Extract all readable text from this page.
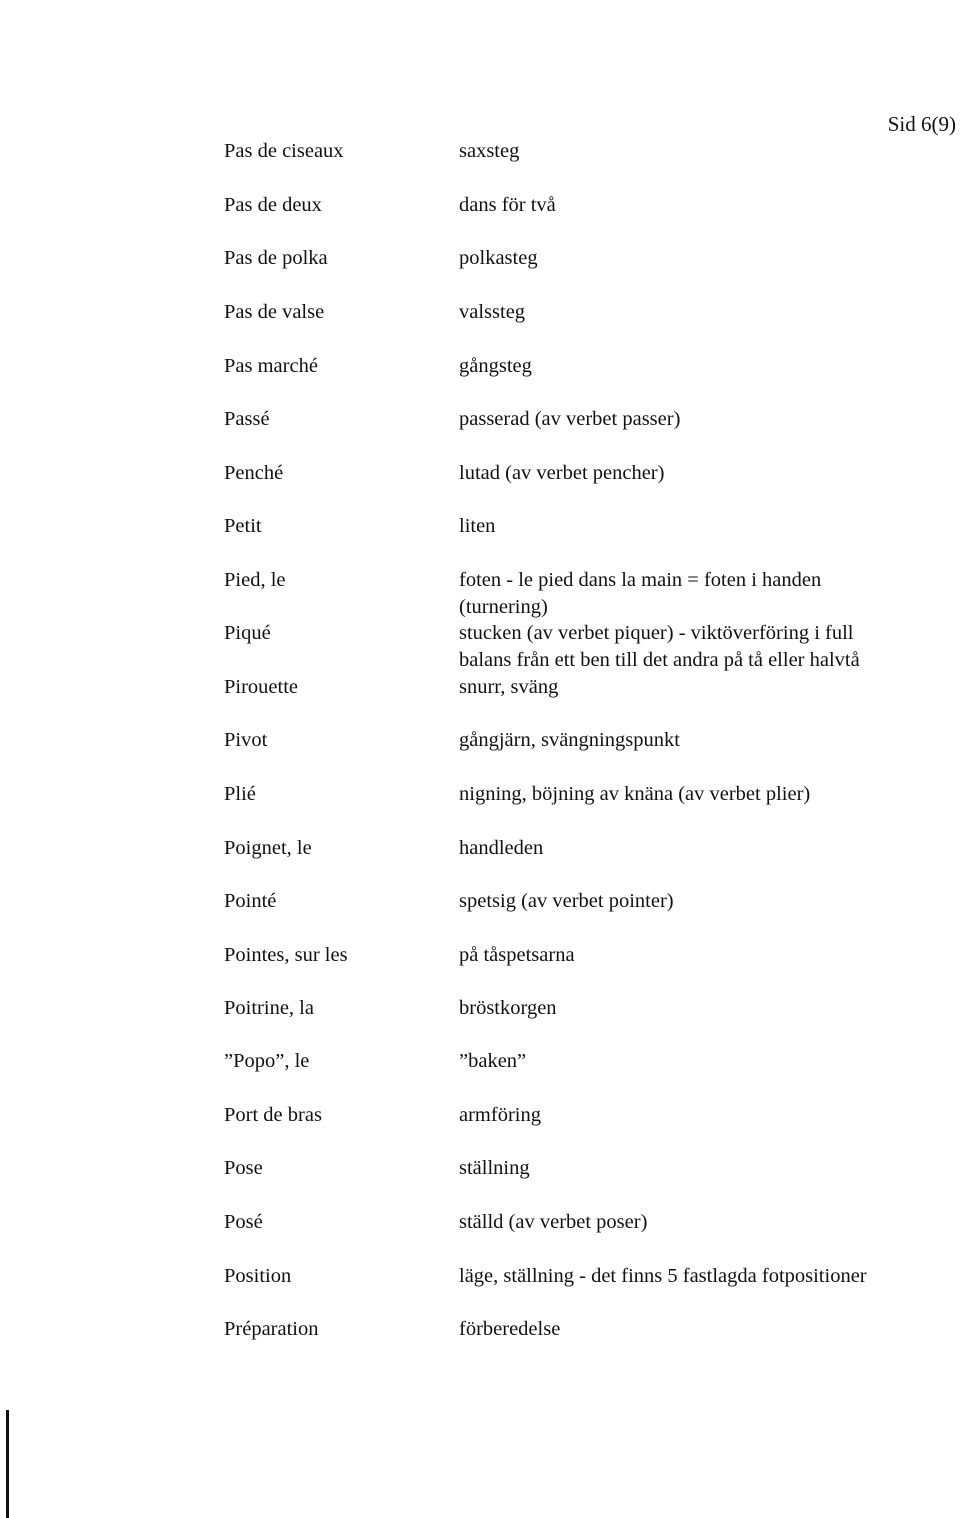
Sid 6(9)
Pas de ciseaux	saxsteg
Pas de deux	dans för två
Pas de polka	polkasteg
Pas de valse	valssteg
Pas marché	gångsteg
Passé	passerad (av verbet passer)
Penché	lutad (av verbet pencher)
Petit	liten
Pied, le	foten - le pied dans la main = foten i handen
(turnering)
Piqué	stucken (av verbet piquer) - viktöverföring i full
balans från ett ben till det andra på tå eller halvtå
Pirouette	snurr, sväng
Pivot	gångjärn, svängningspunkt
Plié	nigning, böjning av knäna (av verbet plier)
Poignet, le	handleden
Pointé	spetsig (av verbet pointer)
Pointes, sur les	på tåspetsarna
Poitrine, la	bröstkorgen
”Popo”, le	”baken”
Port de bras	armföring
Pose	ställning
Posé	ställd (av verbet poser)
Position	läge, ställning - det finns 5 fastlagda fotpositioner
Préparation	förberedelse
